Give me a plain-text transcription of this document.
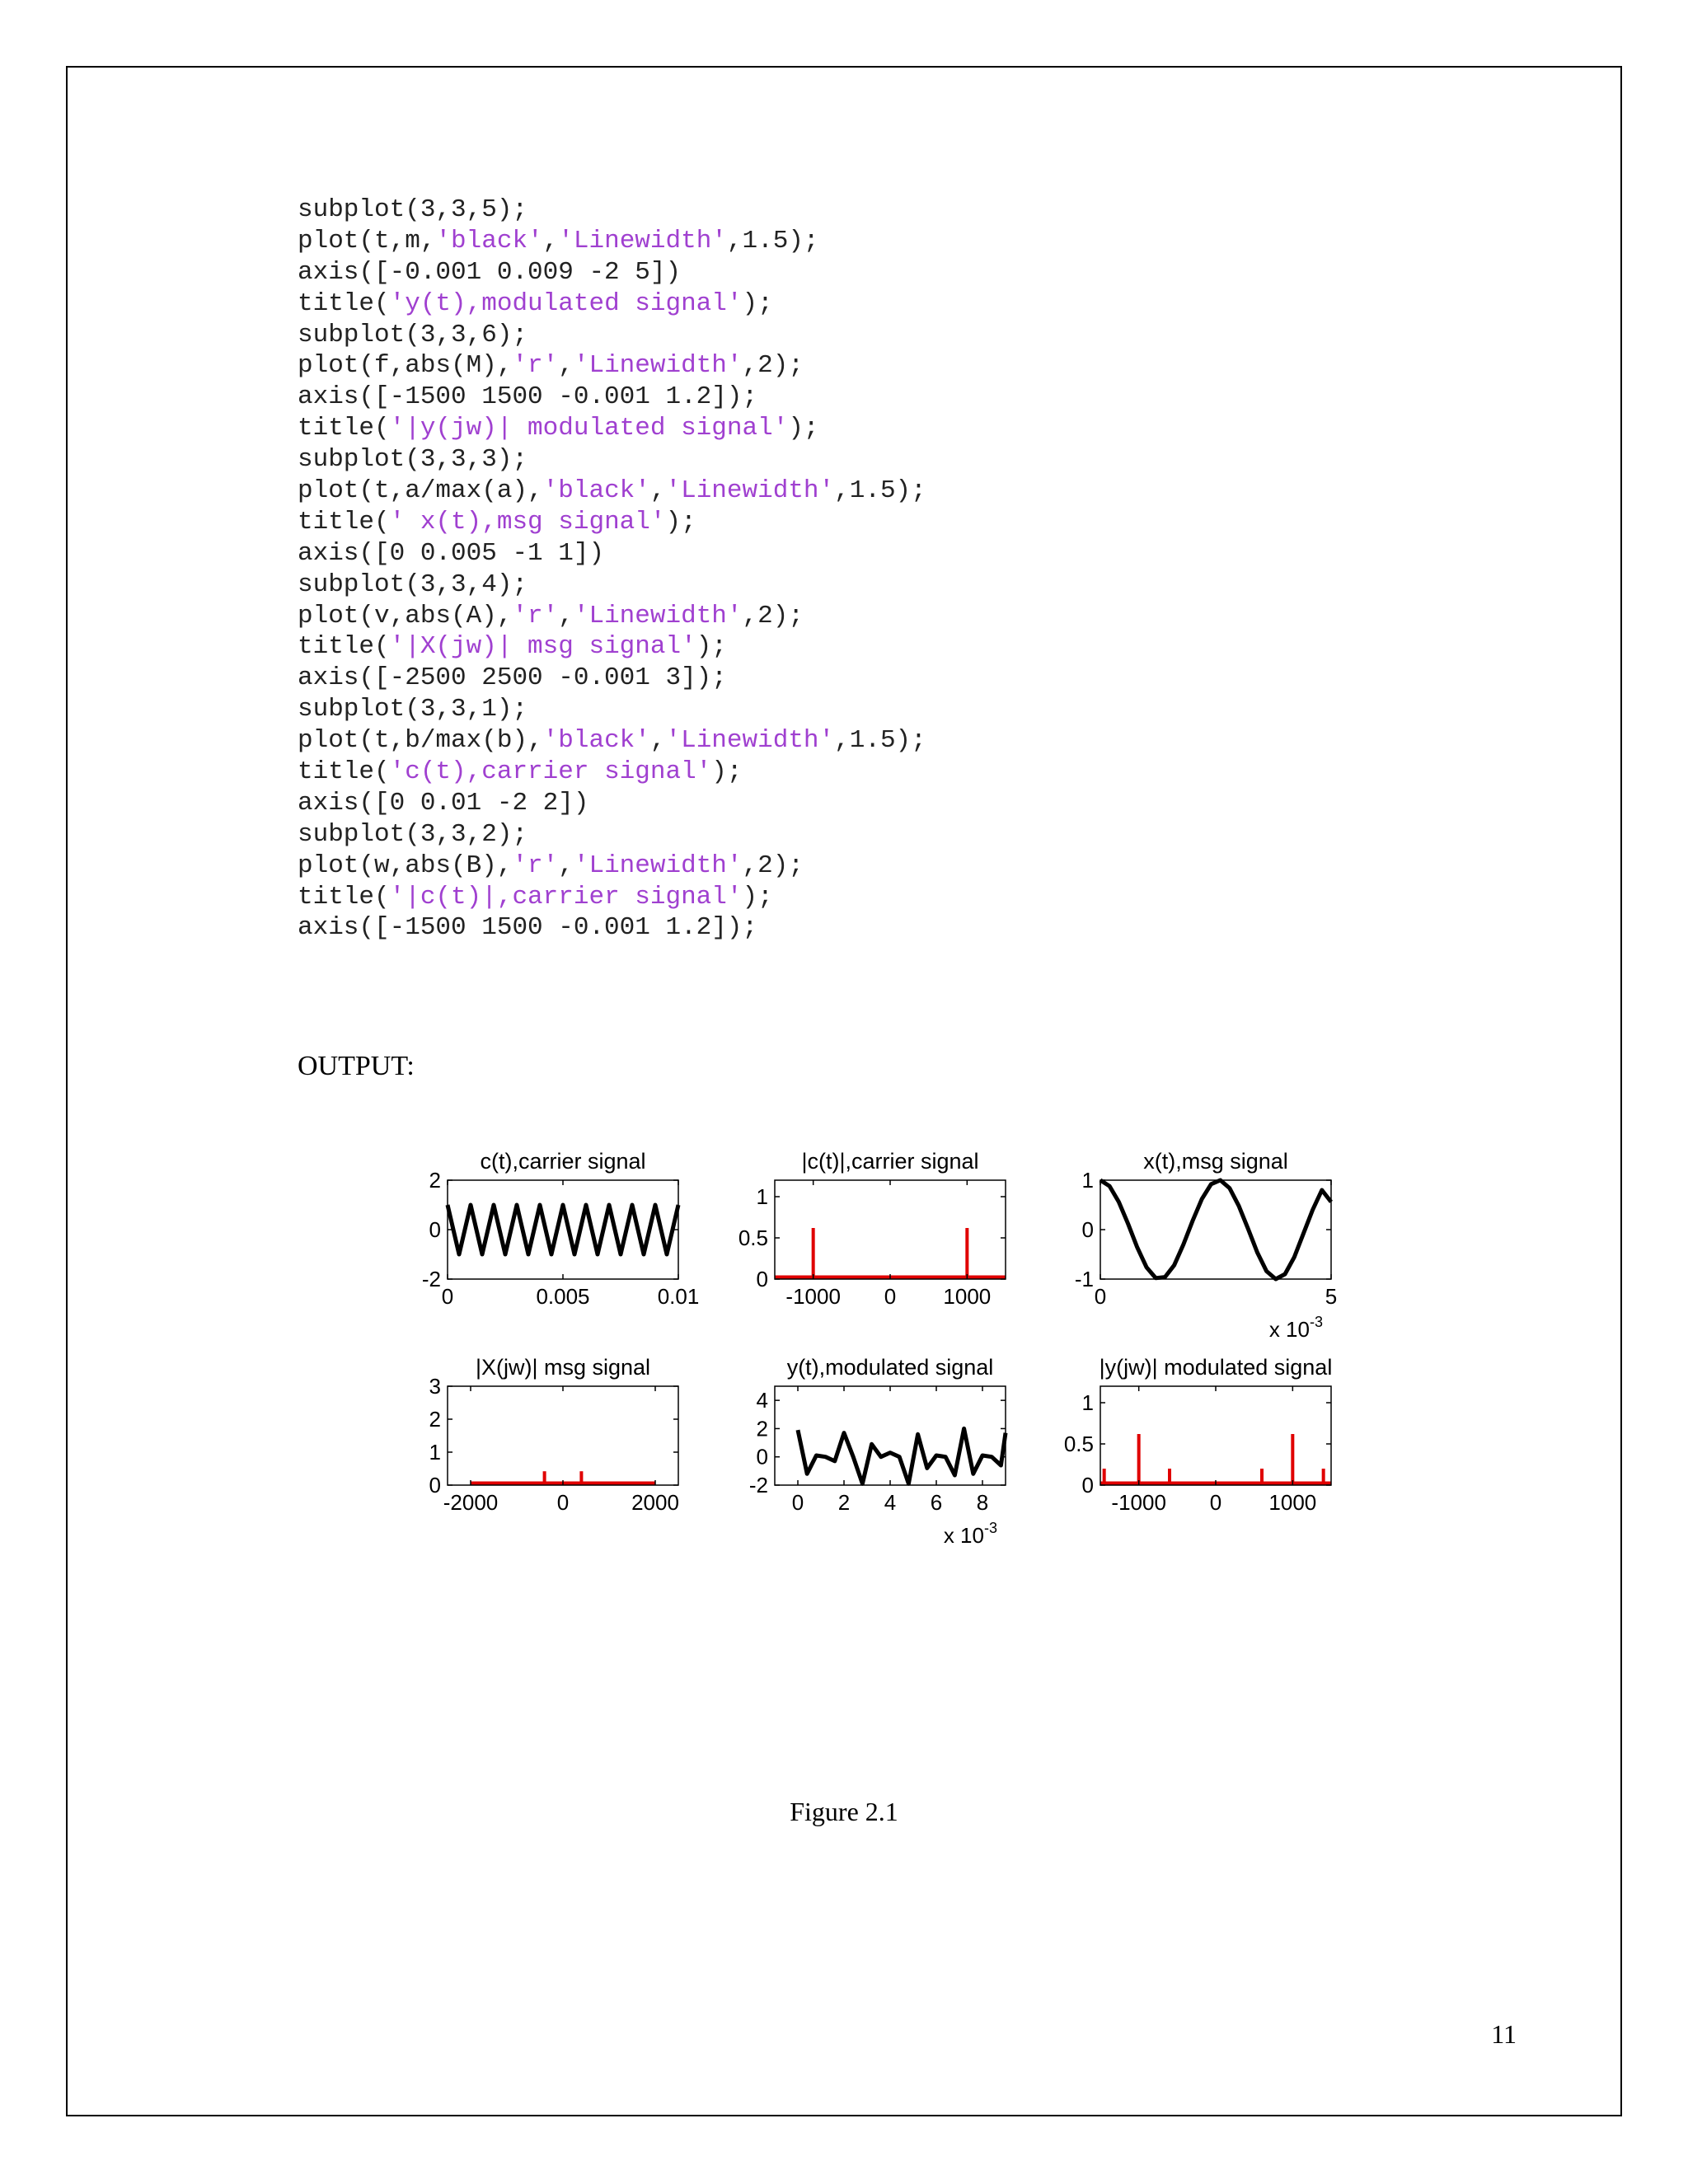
subplot(3,3,5);
plot(t,m,'black','Linewidth',1.5);
axis([-0.001 0.009 -2 5])
title('y(t),modulated signal');
subplot(3,3,6);
plot(f,abs(M),'r','Linewidth',2);
axis([-1500 1500 -0.001 1.2]);
title('|y(jw)| modulated signal');
subplot(3,3,3);
plot(t,a/max(a),'black','Linewidth',1.5);
title(' x(t),msg signal');
axis([0 0.005 -1 1])
subplot(3,3,4);
plot(v,abs(A),'r','Linewidth',2);
title('|X(jw)| msg signal');
axis([-2500 2500 -0.001 3]);
subplot(3,3,1);
plot(t,b/max(b),'black','Linewidth',1.5);
title('c(t),carrier signal');
axis([0 0.01 -2 2])
subplot(3,3,2);
plot(w,abs(B),'r','Linewidth',2);
title('|c(t)|,carrier signal');
axis([-1500 1500 -0.001 1.2]);
OUTPUT:
c(t),carrier signal
0	0.005	0.01
-2
0
2
|c(t)|,carrier signal
-1000 0 1000
0
0.5
1
x(t),msg signal
0	5
-1
0
1
x $10^{-3}$
|X(jw)| msg signal
-2000	0	2000
0
1
2
3
y(t),modulated signal
0 2 4 6 8
-2
0
2
4
x $10^{-3}$
|y(jw)| modulated signal
-1000 0 1000
0
0.5
1
Figure 2.1
11
